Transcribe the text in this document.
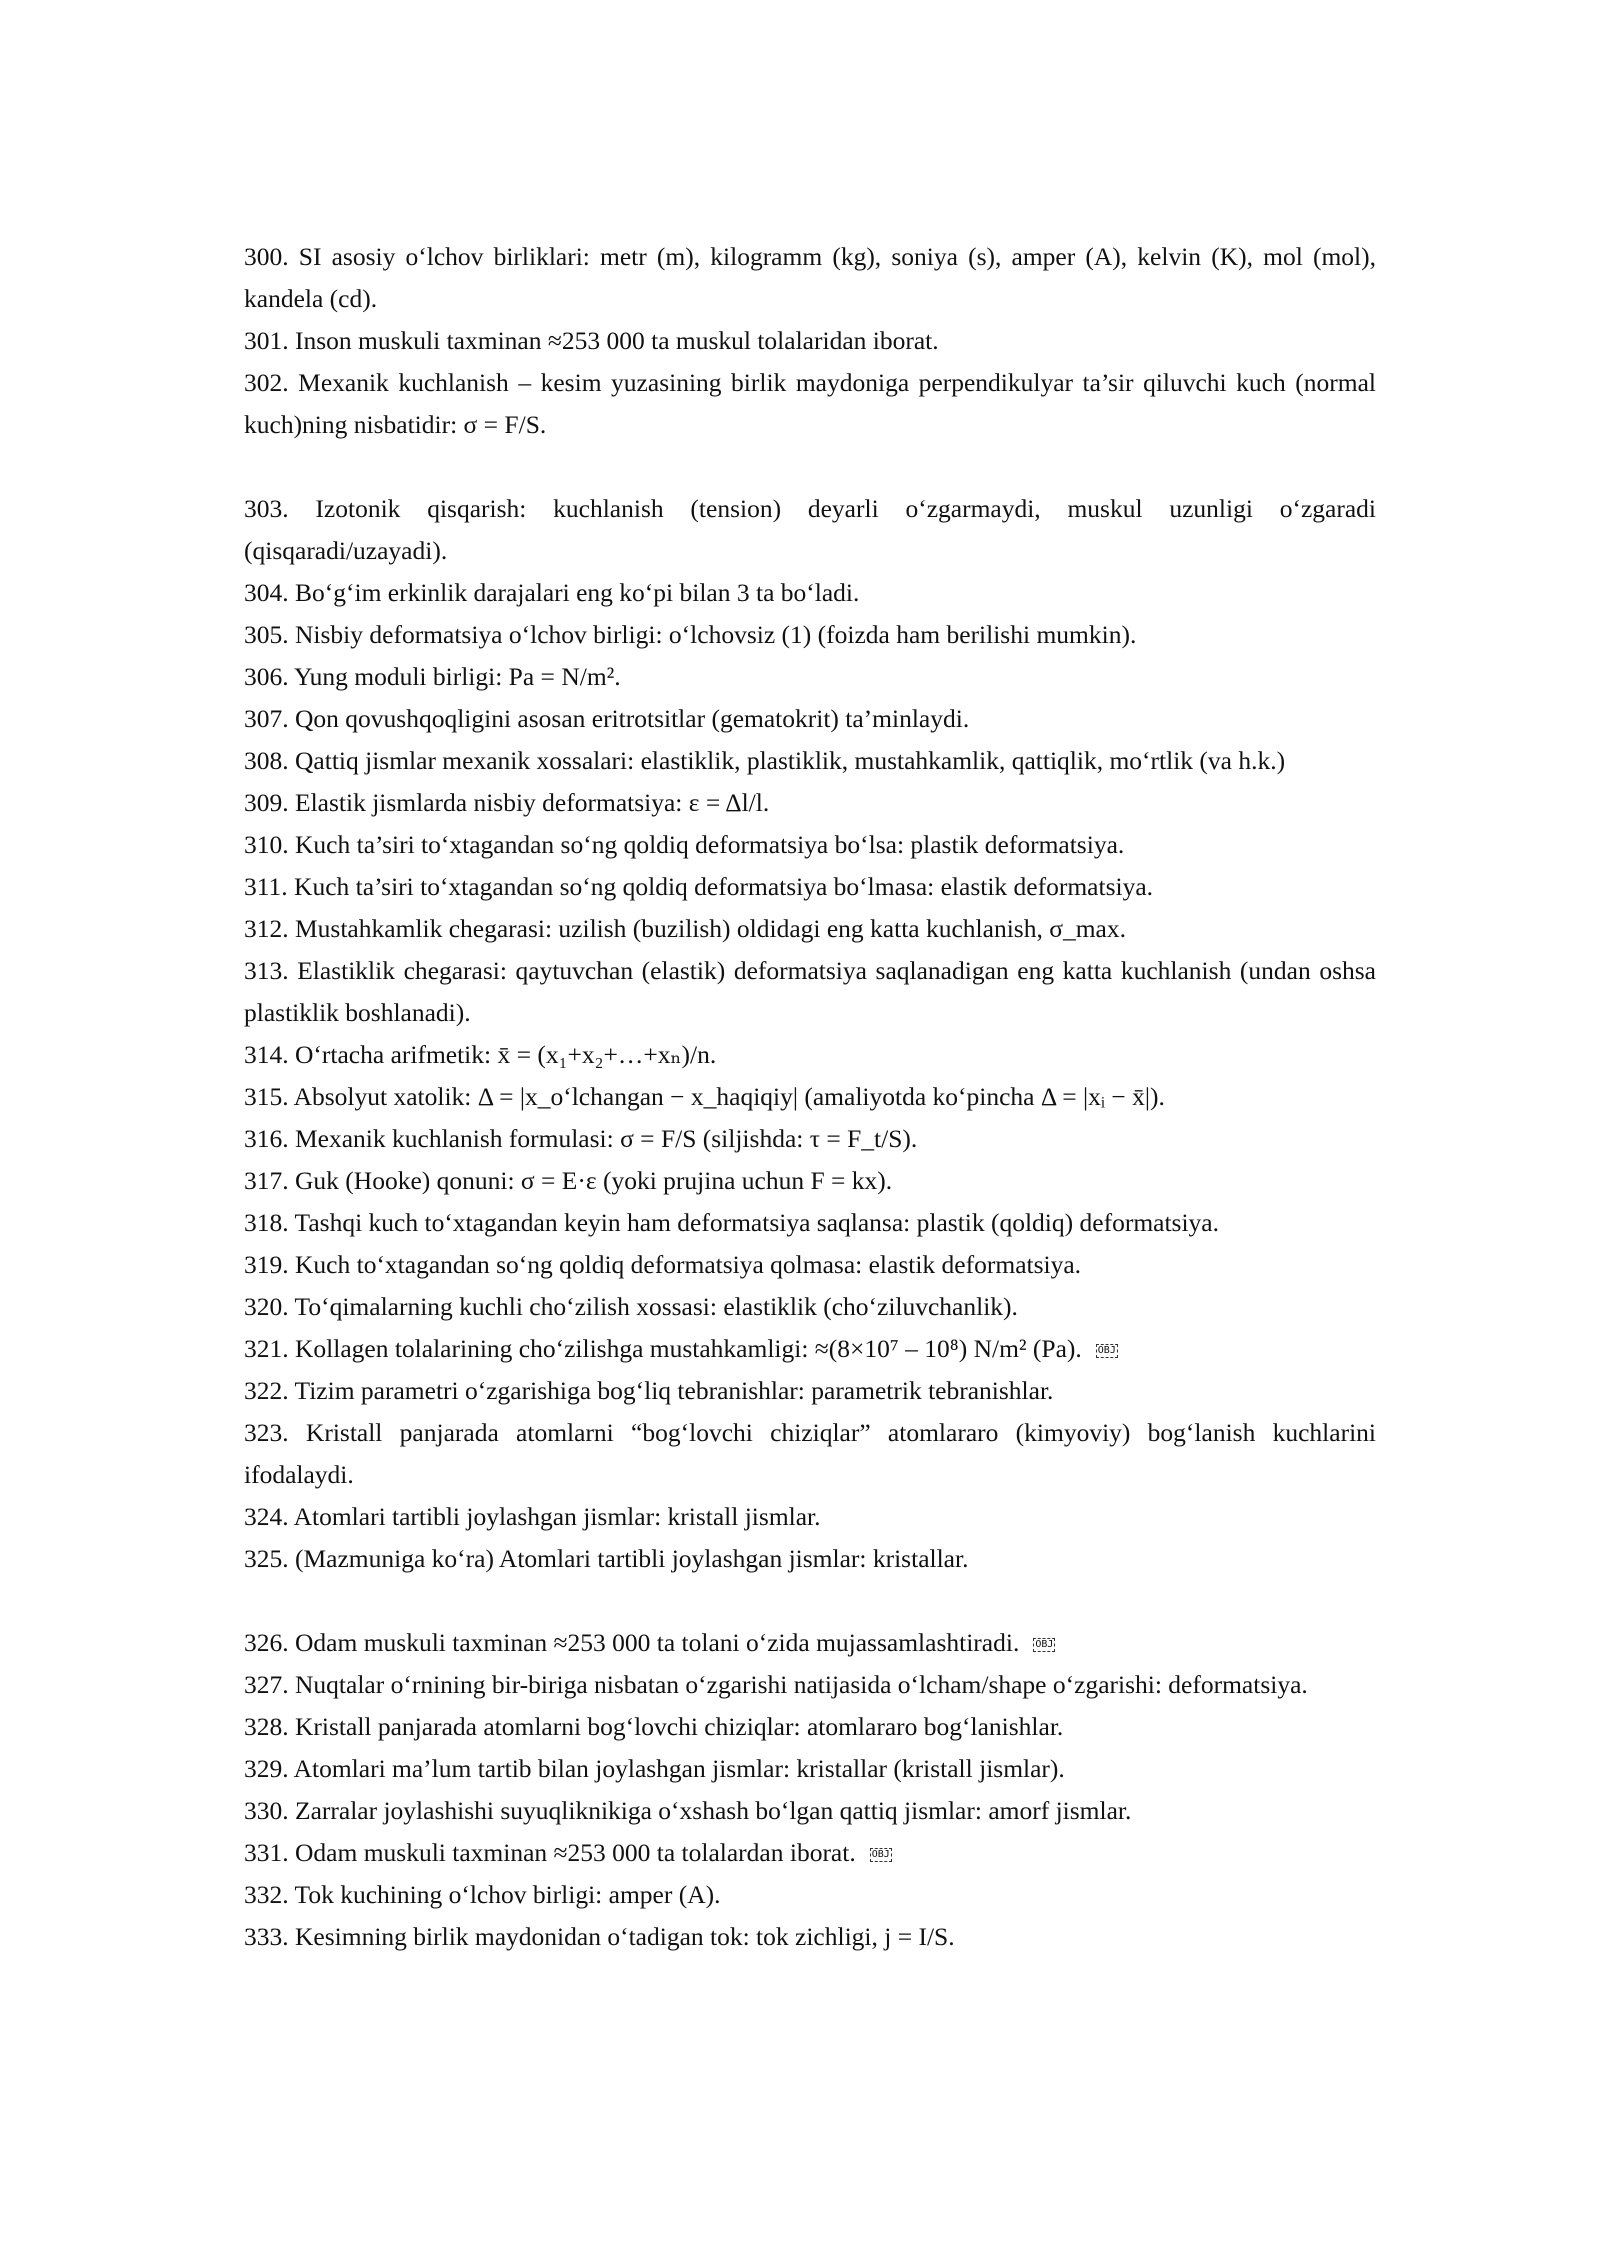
300. SI asosiy o‘lchov birliklari: metr (m), kilogramm (kg), soniya (s), amper (A), kelvin (K), mol (mol), kandela (cd).

301. Inson muskuli taxminan ≈253 000 ta muskul tolalaridan iborat.

302. Mexanik kuchlanish – kesim yuzasining birlik maydoniga perpendikulyar ta’sir qiluvchi kuch (normal kuch)ning nisbatidir: σ = F/S.

303. Izotonik qisqarish: kuchlanish (tension) deyarli o‘zgarmaydi, muskul uzunligi o‘zgaradi (qisqaradi/uzayadi).

304. Bo‘g‘im erkinlik darajalari eng ko‘pi bilan 3 ta bo‘ladi.

305. Nisbiy deformatsiya o‘lchov birligi: o‘lchovsiz (1) (foizda ham berilishi mumkin).

306. Yung moduli birligi: Pa = N/m².

307. Qon qovushqoqligini asosan eritrotsitlar (gematokrit) ta’minlaydi.

308. Qattiq jismlar mexanik xossalari: elastiklik, plastiklik, mustahkamlik, qattiqlik, mo‘rtlik (va h.k.)

309. Elastik jismlarda nisbiy deformatsiya: ε = Δl/l.

310. Kuch ta’siri to‘xtagandan so‘ng qoldiq deformatsiya bo‘lsa: plastik deformatsiya.

311. Kuch ta’siri to‘xtagandan so‘ng qoldiq deformatsiya bo‘lmasa: elastik deformatsiya.

312. Mustahkamlik chegarasi: uzilish (buzilish) oldidagi eng katta kuchlanish, σ_max.

313. Elastiklik chegarasi: qaytuvchan (elastik) deformatsiya saqlanadigan eng katta kuchlanish (undan oshsa plastiklik boshlanadi).

314. O‘rtacha arifmetik: x̄ = (x₁+x₂+…+xₙ)/n.

315. Absolyut xatolik: Δ = |x_o‘lchangan − x_haqiqiy| (amaliyotda ko‘pincha Δ = |xᵢ − x̄|).

316. Mexanik kuchlanish formulasi: σ = F/S (siljishda: τ = F_t/S).

317. Guk (Hooke) qonuni: σ = E·ε (yoki prujina uchun F = kx).

318. Tashqi kuch to‘xtagandan keyin ham deformatsiya saqlansa: plastik (qoldiq) deformatsiya.

319. Kuch to‘xtagandan so‘ng qoldiq deformatsiya qolmasa: elastik deformatsiya.

320. To‘qimalarning kuchli cho‘zilish xossasi: elastiklik (cho‘ziluvchanlik).

321. Kollagen tolalarining cho‘zilishga mustahkamligi: ≈(8×10⁷ – 10⁸) N/m² (Pa). OBJ

322. Tizim parametri o‘zgarishiga bog‘liq tebranishlar: parametrik tebranishlar.

323. Kristall panjarada atomlarni “bog‘lovchi chiziqlar” atomlararo (kimyoviy) bog‘lanish kuchlarini ifodalaydi.

324. Atomlari tartibli joylashgan jismlar: kristall jismlar.

325. (Mazmuniga ko‘ra) Atomlari tartibli joylashgan jismlar: kristallar.

326. Odam muskuli taxminan ≈253 000 ta tolani o‘zida mujassamlashtiradi. OBJ

327. Nuqtalar o‘rnining bir-biriga nisbatan o‘zgarishi natijasida o‘lcham/shape o‘zgarishi: deformatsiya.

328. Kristall panjarada atomlarni bog‘lovchi chiziqlar: atomlararo bog‘lanishlar.

329. Atomlari ma’lum tartib bilan joylashgan jismlar: kristallar (kristall jismlar).

330. Zarralar joylashishi suyuqliknikiga o‘xshash bo‘lgan qattiq jismlar: amorf jismlar.

331. Odam muskuli taxminan ≈253 000 ta tolalardan iborat. OBJ

332. Tok kuchining o‘lchov birligi: amper (A).

333. Kesimning birlik maydonidan o‘tadigan tok: tok zichligi, j = I/S.
